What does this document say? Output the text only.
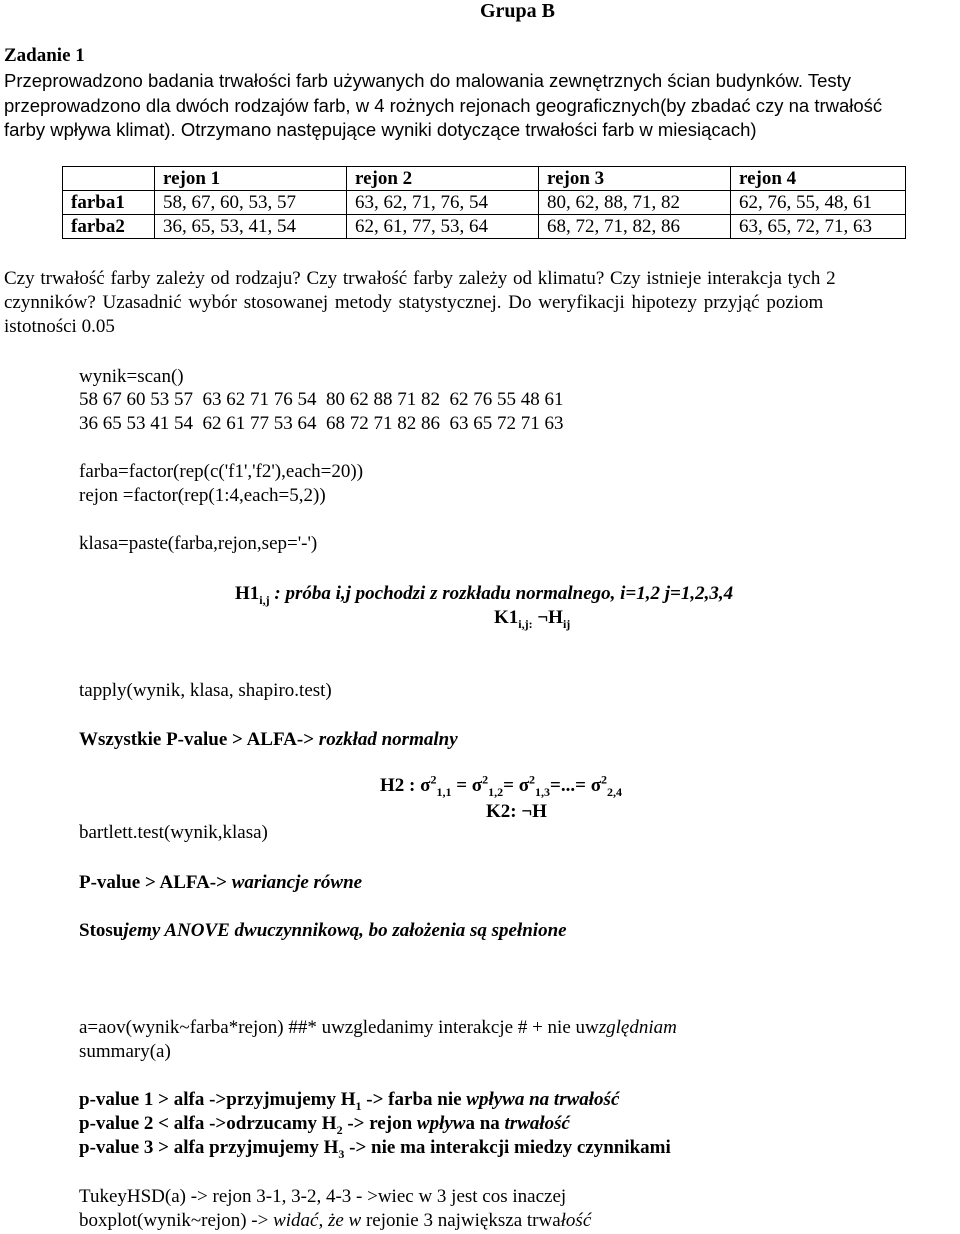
Grupa B
Zadanie 1
Przeprowadzono badania trwałości farb używanych do malowania zewnętrznych ścian budynków. Testy
przeprowadzono dla dwóch rodzajów farb, w 4 rożnych rejonach geograficznych(by zbadać czy na trwałość
farby wpływa klimat). Otrzymano następujące wyniki dotyczące trwałości farb w miesiącach)
	rejon 1	rejon 2	rejon 3	rejon 4
farba1	58, 67, 60, 53, 57	63, 62, 71, 76, 54	80, 62, 88, 71, 82	62, 76, 55, 48, 61
farba2	36, 65, 53, 41, 54	62, 61, 77, 53, 64	68, 72, 71, 82, 86	63, 65, 72, 71, 63
Czy trwałość farby zależy od rodzaju? Czy trwałość farby zależy od klimatu? Czy istnieje interakcja tych 2
czynników? Uzasadnić wybór stosowanej metody statystycznej. Do weryfikacji hipotezy przyjąć poziom
istotności 0.05
wynik=scan()
58 67 60 53 57  63 62 71 76 54  80 62 88 71 82  62 76 55 48 61
36 65 53 41 54  62 61 77 53 64  68 72 71 82 86  63 65 72 71 63
farba=factor(rep(c('f1','f2'),each=20))
rejon =factor(rep(1:4,each=5,2))
klasa=paste(farba,rejon,sep='-')
$H1_{i,j}$ : próba i,j pochodzi z rozkładu normalnego, i=1,2 j=1,2,3,4
$K1_{i,j:}$ $\neg H_{ij}$
tapply(wynik, klasa, shapiro.test)
Wszystkie P-value > ALFA-> rozkład normalny
H2 : $\sigma^2_{1,1} = \sigma^2_{1,2}= \sigma^2_{1,3}=...= \sigma^2_{2,4}$
K2: ¬H
bartlett.test(wynik,klasa)
P-value > ALFA-> wariancje równe
Stosujemy ANOVE dwuczynnikową, bo założenia są spełnione
a=aov(wynik~farba*rejon) ##* uwzgledanimy interakcje # + nie uwzględniam
summary(a)
p-value 1 > alfa ->przyjmujemy $H_1$ -> farba nie wpływa na trwałość
p-value 2 < alfa ->odrzucamy $H_2$ -> rejon wpływa na trwałość
p-value 3 > alfa przyjmujemy $H_3$ -> nie ma interakcji miedzy czynnikami
TukeyHSD(a) -> rejon 3-1, 3-2, 4-3 - >wiec w 3 jest cos inaczej
boxplot(wynik~rejon) -> widać, że w rejonie 3 największa trwałość
